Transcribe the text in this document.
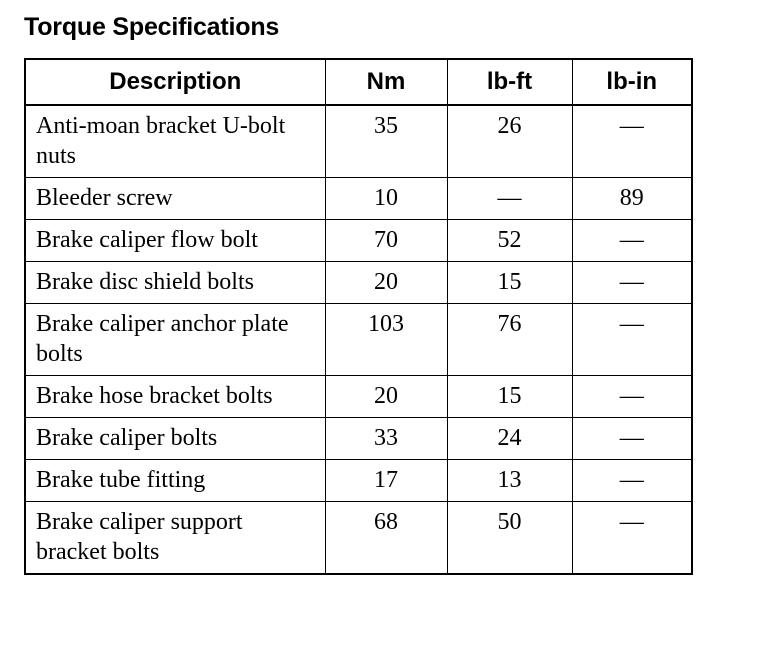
Torque Specifications
Description	Nm	lb-ft	lb-in
Anti-moan bracket U-bolt nuts	35	26	—
Bleeder screw	10	—	89
Brake caliper flow bolt	70	52	—
Brake disc shield bolts	20	15	—
Brake caliper anchor plate bolts	103	76	—
Brake hose bracket bolts	20	15	—
Brake caliper bolts	33	24	—
Brake tube fitting	17	13	—
Brake caliper support bracket bolts	68	50	—
